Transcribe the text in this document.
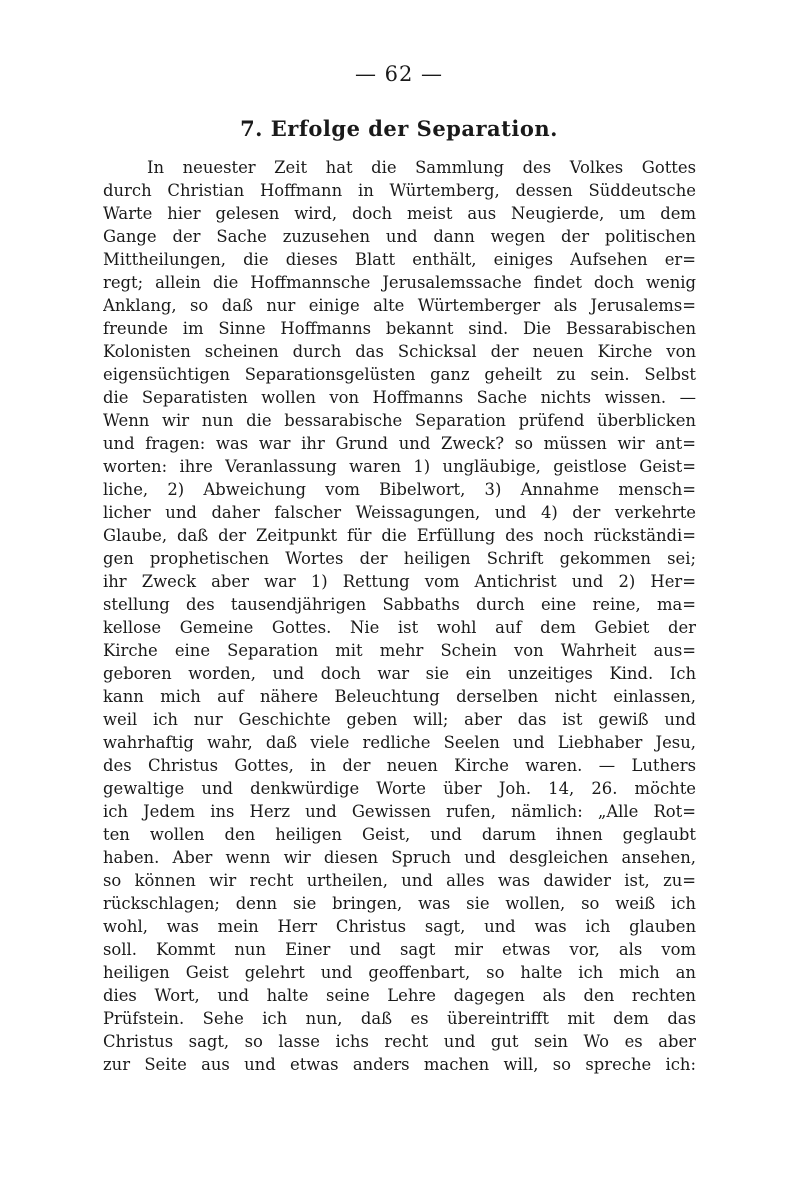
— 62 —
7. Erfolge der Separation.
In neuester Zeit hat die Sammlung des Volkes Gottes
durch Christian Hoffmann in Würtemberg, dessen Süddeutsche
Warte hier gelesen wird, doch meist aus Neugierde, um dem
Gange der Sache zuzusehen und dann wegen der politischen
Mittheilungen, die dieses Blatt enthält, einiges Aufsehen er=
regt; allein die Hoffmannsche Jerusalemssache findet doch wenig
Anklang, so daß nur einige alte Würtemberger als Jerusalems=
freunde im Sinne Hoffmanns bekannt sind. Die Bessarabischen
Kolonisten scheinen durch das Schicksal der neuen Kirche von
eigensüchtigen Separationsgelüsten ganz geheilt zu sein. Selbst
die Separatisten wollen von Hoffmanns Sache nichts wissen. —
Wenn wir nun die bessarabische Separation prüfend überblicken
und fragen: was war ihr Grund und Zweck? so müssen wir ant=
worten: ihre Veranlassung waren 1) ungläubige, geistlose Geist=
liche, 2) Abweichung vom Bibelwort, 3) Annahme mensch=
licher und daher falscher Weissagungen, und 4) der verkehrte
Glaube, daß der Zeitpunkt für die Erfüllung des noch rückständi=
gen prophetischen Wortes der heiligen Schrift gekommen sei;
ihr Zweck aber war 1) Rettung vom Antichrist und 2) Her=
stellung des tausendjährigen Sabbaths durch eine reine, ma=
kellose Gemeine Gottes. Nie ist wohl auf dem Gebiet der
Kirche eine Separation mit mehr Schein von Wahrheit aus=
geboren worden, und doch war sie ein unzeitiges Kind. Ich
kann mich auf nähere Beleuchtung derselben nicht einlassen,
weil ich nur Geschichte geben will; aber das ist gewiß und
wahrhaftig wahr, daß viele redliche Seelen und Liebhaber Jesu,
des Christus Gottes, in der neuen Kirche waren. — Luthers
gewaltige und denkwürdige Worte über Joh. 14, 26. möchte
ich Jedem ins Herz und Gewissen rufen, nämlich: „Alle Rot=
ten wollen den heiligen Geist, und darum ihnen geglaubt
haben. Aber wenn wir diesen Spruch und desgleichen ansehen,
so können wir recht urtheilen, und alles was dawider ist, zu=
rückschlagen; denn sie bringen, was sie wollen, so weiß ich
wohl, was mein Herr Christus sagt, und was ich glauben
soll. Kommt nun Einer und sagt mir etwas vor, als vom
heiligen Geist gelehrt und geoffenbart, so halte ich mich an
dies Wort, und halte seine Lehre dagegen als den rechten
Prüfstein. Sehe ich nun, daß es übereintrifft mit dem das
Christus sagt, so lasse ichs recht und gut sein Wo es aber
zur Seite aus und etwas anders machen will, so spreche ich:
